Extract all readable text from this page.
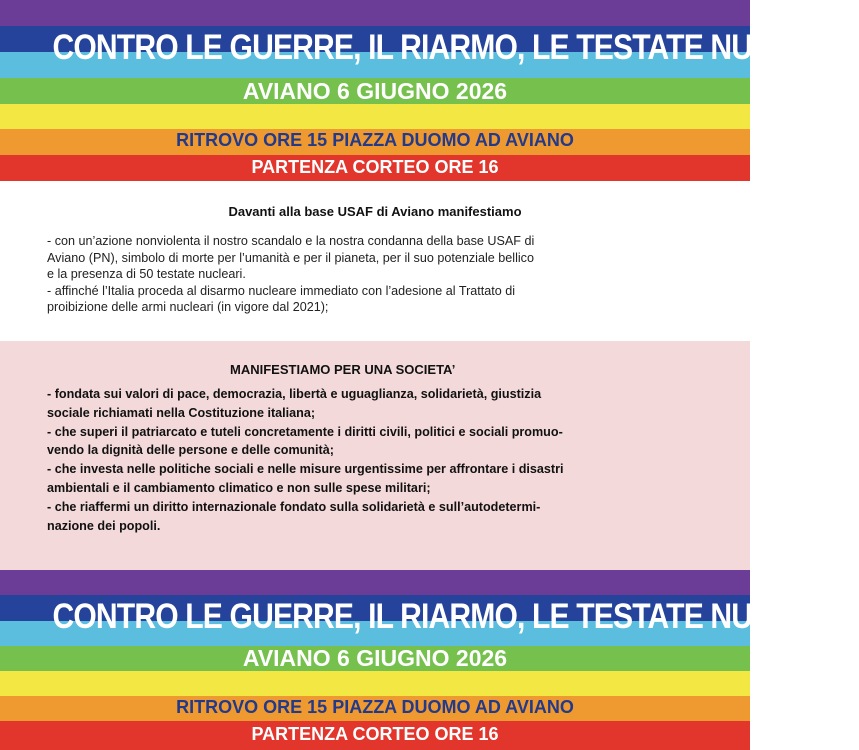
CONTRO LE GUERRE, IL RIARMO, LE TESTATE NUCLEARI
AVIANO 6 GIUGNO 2026
RITROVO ORE 15 PIAZZA DUOMO AD AVIANO
PARTENZA CORTEO ORE 16
Davanti alla base USAF di Aviano manifestiamo

- con un’azione nonviolenta il nostro scandalo e la nostra condanna della base USAF di

Aviano (PN), simbolo di morte per l’umanità e per il pianeta, per il suo potenziale bellico

e la presenza di 50 testate nucleari.

- affinché l’Italia proceda al disarmo nucleare immediato con l’adesione al Trattato di

proibizione delle armi nucleari (in vigore dal 2021);

MANIFESTIAMO PER UNA SOCIETA’

- fondata sui valori di pace, democrazia, libertà e uguaglianza, solidarietà, giustizia

sociale richiamati nella Costituzione italiana;

- che superi il patriarcato e tuteli concretamente i diritti civili, politici e sociali promuo-

vendo la dignità delle persone e delle comunità;

- che investa nelle politiche sociali e nelle misure urgentissime per affrontare i disastri

ambientali e il cambiamento climatico e non sulle spese militari;

- che riaffermi un diritto internazionale fondato sulla solidarietà e sull’autodetermi-

nazione dei popoli.

CONTRO LE GUERRE, IL RIARMO, LE TESTATE NUCLEARI
AVIANO 6 GIUGNO 2026
RITROVO ORE 15 PIAZZA DUOMO AD AVIANO
PARTENZA CORTEO ORE 16
